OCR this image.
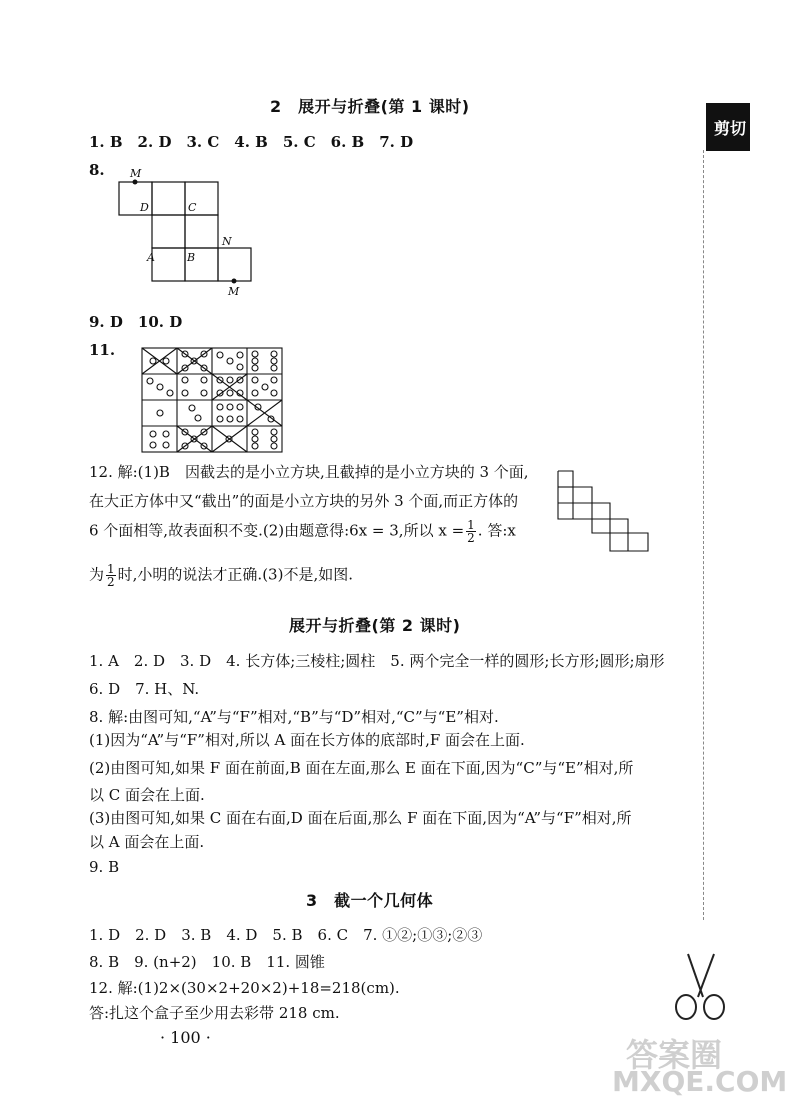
剪切
2　展开与折叠(第 1 课时)
1. B　2. D　3. C　4. B　5. C　6. B　7. D
8. M
D	C
N
A	B
M
9. D　10. D
11.
12. 解:(1)B　因截去的是小立方块,且截掉的是小立方块的 3 个面,
在大正方体中又“截出”的面是小立方块的另外 3 个面,而正方体的
6 个面相等,故表面积不变.(2)由题意得:6x = 3,所以 $x = \frac{1}{2}$ . 答:x
为 $\frac{1}{2}$ 时,小明的说法才正确.(3)不是,如图.
展开与折叠(第 2 课时)
1. A　2. D　3. D　4. 长方体;三棱柱;圆柱　5. 两个完全一样的圆形;长方形;圆形;扇形
6. D　7. H、N.
8. 解:由图可知,“A”与“F”相对,“B”与“D”相对,“C”与“E”相对.
(1)因为“A”与“F”相对,所以 A 面在长方体的底部时,F 面会在上面.
(2)由图可知,如果 F 面在前面,B 面在左面,那么 E 面在下面,因为“C”与“E”相对,所
以 C 面会在上面.
(3)由图可知,如果 C 面在右面,D 面在后面,那么 F 面在下面,因为“A”与“F”相对,所
以 A 面会在上面.
9. B
3　截一个几何体
1. D　2. D　3. B　4. D　5. B　6. C　7. ①②;①③;②③
8. B　9. (n+2)　10. B　11. 圆锥
12. 解:(1)2×(30×2+20×2)+18=218(cm).
答:扎这个盒子至少用去彩带 218 cm.
· 100 ·	答案圈
MXQE.COM
